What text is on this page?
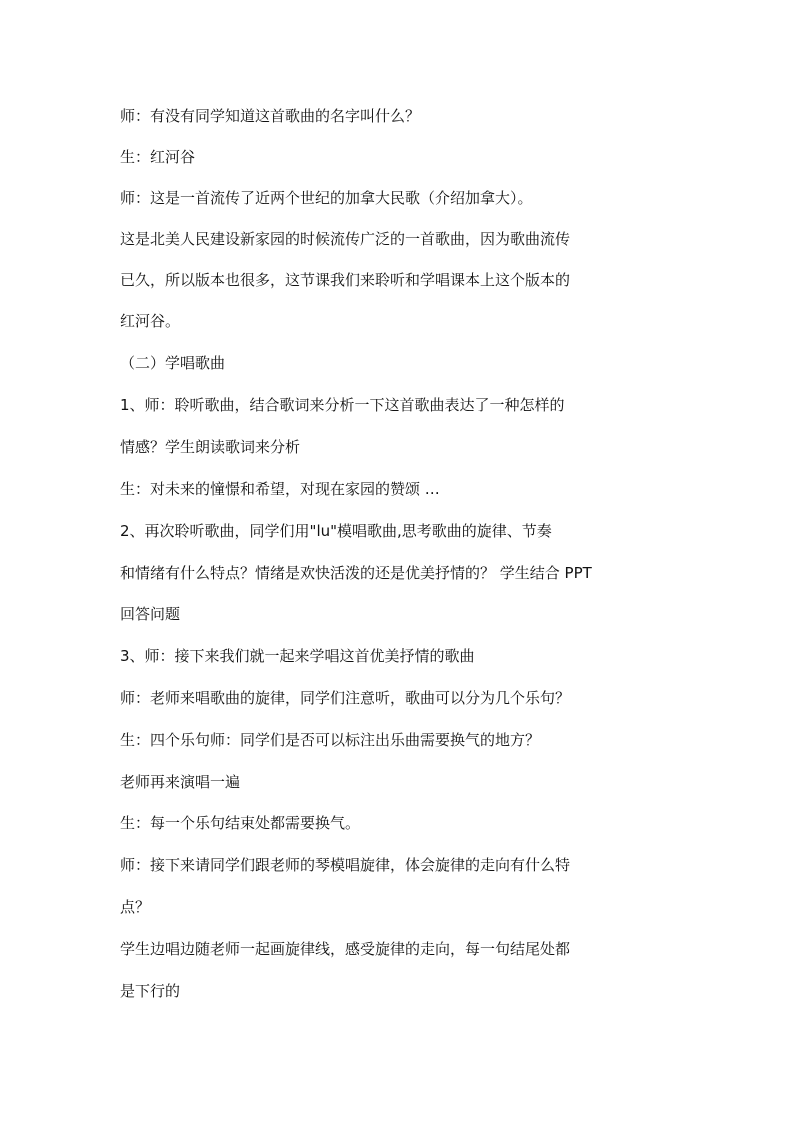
师：有没有同学知道这首歌曲的名字叫什么？
生：红河谷
师：这是一首流传了近两个世纪的加拿大民歌（介绍加拿大）。
这是北美人民建设新家园的时候流传广泛的一首歌曲，因为歌曲流传
已久，所以版本也很多，这节课我们来聆听和学唱课本上这个版本的
红河谷。
（二）学唱歌曲
1、师：聆听歌曲，结合歌词来分析一下这首歌曲表达了一种怎样的
情感？学生朗读歌词来分析
生：对未来的憧憬和希望，对现在家园的赞颂 …
2、再次聆听歌曲，同学们用"lu"模唱歌曲,思考歌曲的旋律、节奏
和情绪有什么特点？情绪是欢快活泼的还是优美抒情的？ 学生结合 PPT
回答问题
3、师：接下来我们就一起来学唱这首优美抒情的歌曲
师：老师来唱歌曲的旋律，同学们注意听，歌曲可以分为几个乐句？
生：四个乐句师：同学们是否可以标注出乐曲需要换气的地方？
老师再来演唱一遍
生：每一个乐句结束处都需要换气。
师：接下来请同学们跟老师的琴模唱旋律，体会旋律的走向有什么特
点？
学生边唱边随老师一起画旋律线，感受旋律的走向，每一句结尾处都
是下行的
